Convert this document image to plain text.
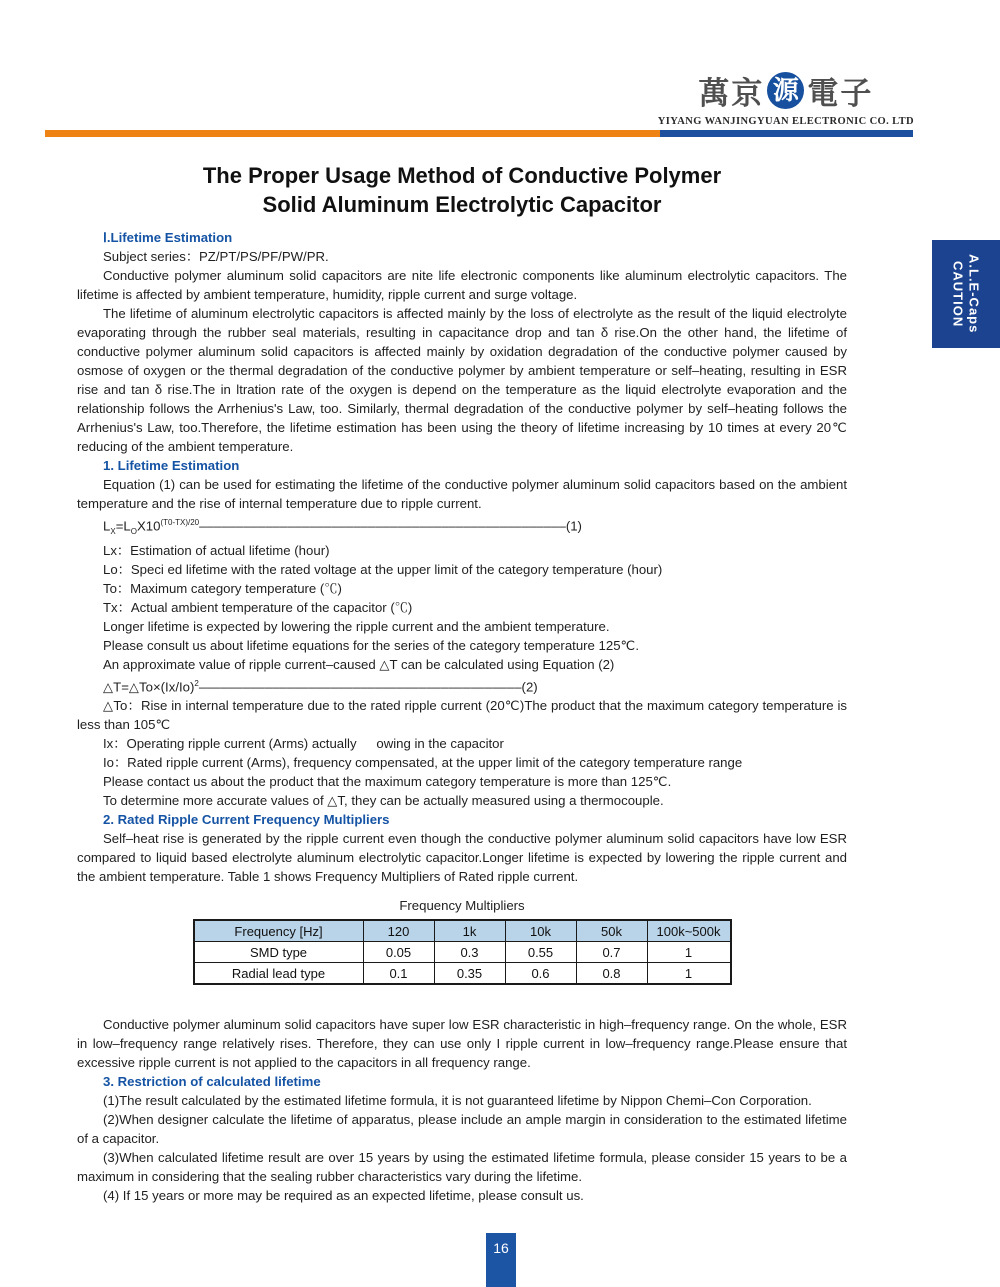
萬京 源 電子
YIYANG WANJINGYUAN ELECTRONIC CO. LTD
The Proper Usage Method of Conductive Polymer
Solid Aluminum Electrolytic Capacitor
CAUTION A.L.E-Caps

Ⅰ.Lifetime Estimation

Subject series：PZ/PT/PS/PF/PW/PR.

Conductive polymer aluminum solid capacitors are nite life electronic components like aluminum electrolytic capacitors. The lifetime is affected by ambient temperature, humidity, ripple current and surge voltage.

The lifetime of aluminum electrolytic capacitors is affected mainly by the loss of electrolyte as the result of the liquid electrolyte evaporating through the rubber seal materials, resulting in capacitance drop and tan δ rise.On the other hand, the lifetime of conductive polymer aluminum solid capacitors is affected mainly by oxidation degradation of the conductive polymer caused by osmose of oxygen or the thermal degradation of the conductive polymer by ambient temperature or self–heating, resulting in ESR rise and tan δ rise.The in ltration rate of the oxygen is depend on the temperature as the liquid electrolyte evaporation and the relationship follows the Arrhenius's Law, too. Similarly, thermal degradation of the conductive polymer by self–heating follows the Arrhenius's Law, too.Therefore, the lifetime estimation has been using the theory of lifetime increasing by 10 times at every 20℃ reducing of the ambient temperature.

1. Lifetime Estimation

Equation (1) can be used for estimating the lifetime of the conductive polymer aluminum solid capacitors based on the ambient temperature and the rise of internal temperature due to ripple current.

$L_X=L_OX10^{(T0-TX)/20}--------------------------------------------------(1)$

Lx：Estimation of actual lifetime (hour)

Lo：Speci ed lifetime with the rated voltage at the upper limit of the category temperature (hour)

To：Maximum category temperature (℃)

Tx：Actual ambient temperature of the capacitor (℃)

Longer lifetime is expected by lowering the ripple current and the ambient temperature.

Please consult us about lifetime equations for the series of the category temperature 125℃.

An approximate value of ripple current–caused △T can be calculated using Equation (2)

$\triangle T=\triangle To\times(Ix/Io)^2--------------------------------------------(2)$

△To：Rise in internal temperature due to the rated ripple current (20℃)The product that the maximum category temperature is less than 105℃

Ix：Operating ripple current (Arms) actually   owing in the capacitor

Io：Rated ripple current (Arms), frequency compensated, at the upper limit of the category temperature range

Please contact us about the product that the maximum category temperature is more than 125℃.

To determine more accurate values of △T, they can be actually measured using a thermocouple.

2. Rated Ripple Current Frequency Multipliers

Self–heat rise is generated by the ripple current even though the conductive polymer aluminum solid capacitors have low ESR compared to liquid based electrolyte aluminum electrolytic capacitor.Longer lifetime is expected by lowering the ripple current and the ambient temperature. Table 1 shows Frequency Multipliers of Rated ripple current.

Frequency Multipliers

Frequency [Hz]	120	1k	10k	50k	100k~500k
SMD type	0.05	0.3	0.55	0.7	1
Radial lead type	0.1	0.35	0.6	0.8	1

Conductive polymer aluminum solid capacitors have super low ESR characteristic in high–frequency range. On the whole, ESR in low–frequency range relatively rises. Therefore, they can use only I ripple current in low–frequency range.Please ensure that excessive ripple current is not applied to the capacitors in all frequency range.

3. Restriction of calculated lifetime

(1)The result calculated by the estimated lifetime formula, it is not guaranteed lifetime by Nippon Chemi–Con Corporation.

(2)When designer calculate the lifetime of apparatus, please include an ample margin in consideration to the estimated lifetime of a capacitor.

(3)When calculated lifetime result are over 15 years by using the estimated lifetime formula, please consider 15 years to be a maximum in considering that the sealing rubber characteristics vary during the lifetime.

(4) If 15 years or more may be required as an expected lifetime, please consult us.

16
